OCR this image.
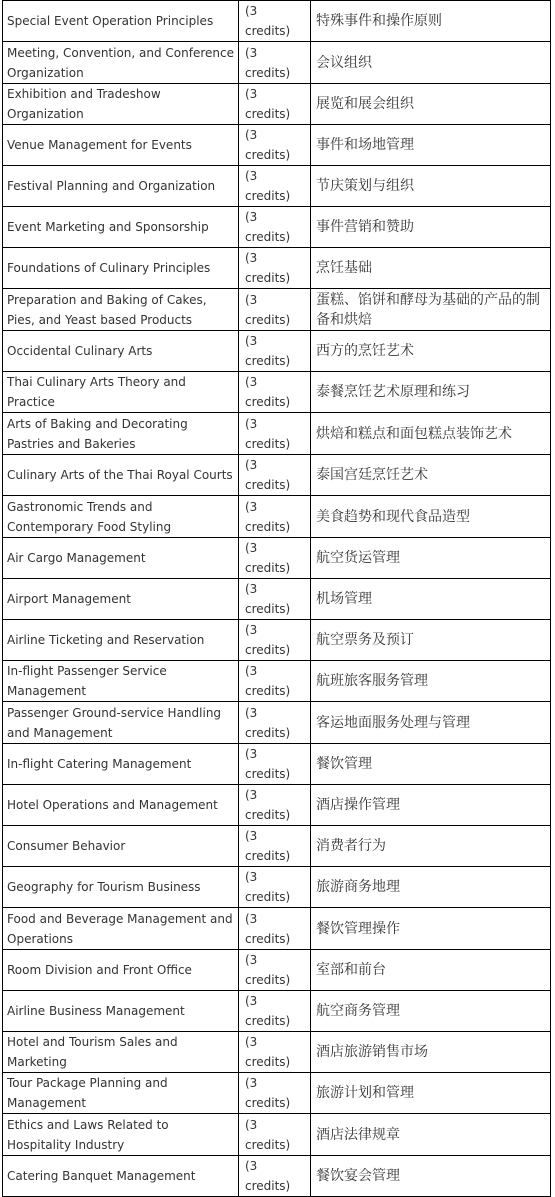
Special Event Operation Principles	(3 credits)	特殊事件和操作原则
Meeting, Convention, and Conference Organization	(3 credits)	会议组织
Exhibition and Tradeshow Organization	(3 credits)	展览和展会组织
Venue Management for Events	(3 credits)	事件和场地管理
Festival Planning and Organization	(3 credits)	节庆策划与组织
Event Marketing and Sponsorship	(3 credits)	事件营销和赞助
Foundations of Culinary Principles	(3 credits)	烹饪基础
Preparation and Baking of Cakes, Pies, and Yeast based Products	(3 credits)	蛋糕、馅饼和酵母为基础的产品的制备和烘焙
Occidental Culinary Arts	(3 credits)	西方的烹饪艺术
Thai Culinary Arts Theory and Practice	(3 credits)	泰餐烹饪艺术原理和练习
Arts of Baking and Decorating Pastries and Bakeries	(3 credits)	烘焙和糕点和面包糕点装饰艺术
Culinary Arts of the Thai Royal Courts	(3 credits)	泰国宫廷烹饪艺术
Gastronomic Trends and Contemporary Food Styling	(3 credits)	美食趋势和现代食品造型
Air Cargo Management	(3 credits)	航空货运管理
Airport Management	(3 credits)	机场管理
Airline Ticketing and Reservation	(3 credits)	航空票务及预订
In-flight Passenger Service Management	(3 credits)	航班旅客服务管理
Passenger Ground-service Handling and Management	(3 credits)	客运地面服务处理与管理
In-flight Catering Management	(3 credits)	餐饮管理
Hotel Operations and Management	(3 credits)	酒店操作管理
Consumer Behavior	(3 credits)	消费者行为
Geography for Tourism Business	(3 credits)	旅游商务地理
Food and Beverage Management and Operations	(3 credits)	餐饮管理操作
Room Division and Front Office	(3 credits)	室部和前台
Airline Business Management	(3 credits)	航空商务管理
Hotel and Tourism Sales and Marketing	(3 credits)	酒店旅游销售市场
Tour Package Planning and Management	(3 credits)	旅游计划和管理
Ethics and Laws Related to Hospitality Industry	(3 credits)	酒店法律规章
Catering Banquet Management	(3 credits)	餐饮宴会管理
